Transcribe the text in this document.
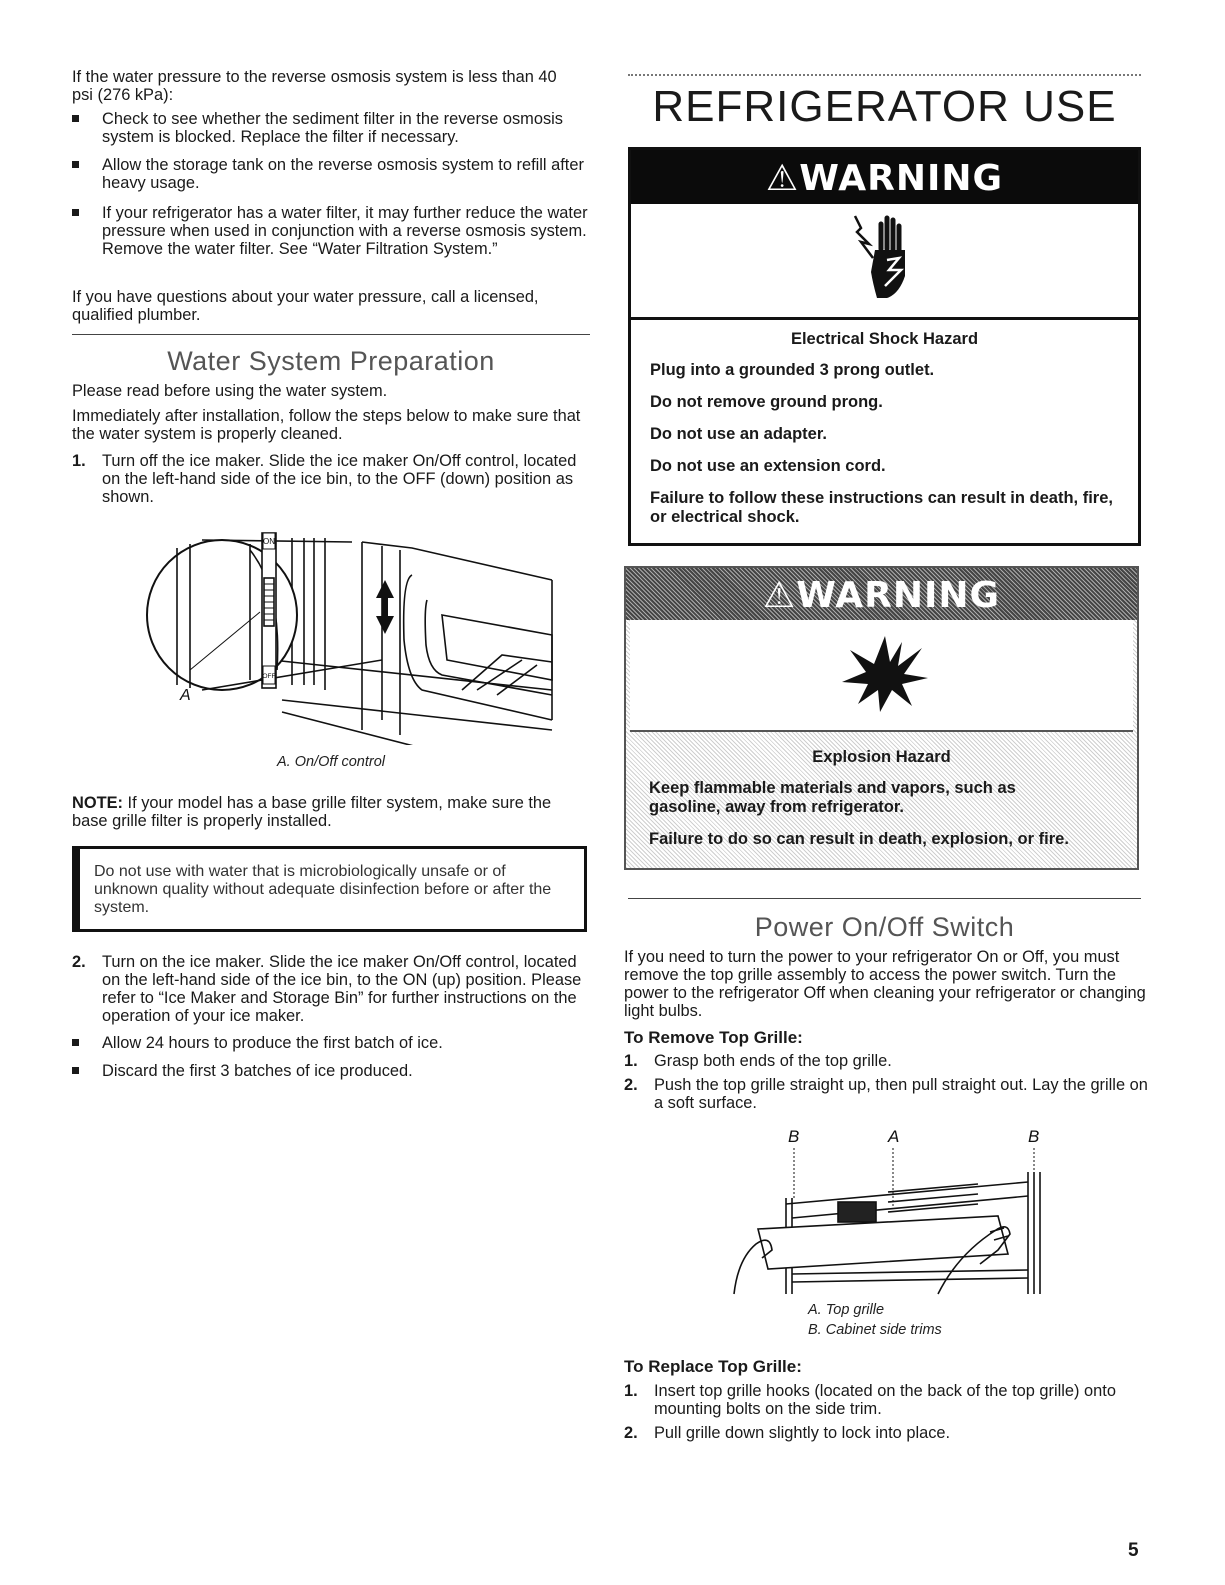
If the water pressure to the reverse osmosis system is less than 40 psi (276 kPa):

Check to see whether the sediment filter in the reverse osmosis system is blocked. Replace the filter if necessary.
Allow the storage tank on the reverse osmosis system to refill after heavy usage.
If your refrigerator has a water filter, it may further reduce the water pressure when used in conjunction with a reverse osmosis system. Remove the water filter. See “Water Filtration System.”

If you have questions about your water pressure, call a licensed, qualified plumber.

Water System Preparation

Please read before using the water system.

Immediately after installation, follow the steps below to make sure that the water system is properly cleaned.

1. Turn off the ice maker. Slide the ice maker On/Off control, located on the left-hand side of the ice bin, to the OFF (down) position as shown.
ON
OFF
A
A. On/Off control

NOTE: If your model has a base grille filter system, make sure the base grille filter is properly installed.

Do not use with water that is microbiologically unsafe or of unknown quality without adequate disinfection before or after the system.

2. Turn on the ice maker. Slide the ice maker On/Off control, located on the left-hand side of the ice bin, to the ON (up) position. Please refer to “Ice Maker and Storage Bin” for further instructions on the operation of your ice maker.
Allow 24 hours to produce the first batch of ice.
Discard the first 3 batches of ice produced.
REFRIGERATOR USE
⚠WARNING
Electrical Shock Hazard
Plug into a grounded 3 prong outlet.
Do not remove ground prong.
Do not use an adapter.
Do not use an extension cord.
Failure to follow these instructions can result in death, fire, or electrical shock.
⚠WARNING
Explosion Hazard
Keep flammable materials and vapors, such as gasoline, away from refrigerator.
Failure to do so can result in death, explosion, or fire.
Power On/Off Switch

If you need to turn the power to your refrigerator On or Off, you must remove the top grille assembly to access the power switch. Turn the power to the refrigerator Off when cleaning your refrigerator or changing light bulbs.

To Remove Top Grille:
1. Grasp both ends of the top grille.
2. Push the top grille straight up, then pull straight out. Lay the grille on a soft surface.
B	A	B
A. Top grille
B. Cabinet side trims
To Replace Top Grille:
1. Insert top grille hooks (located on the back of the top grille) onto mounting bolts on the side trim.
2. Pull grille down slightly to lock into place.
5
